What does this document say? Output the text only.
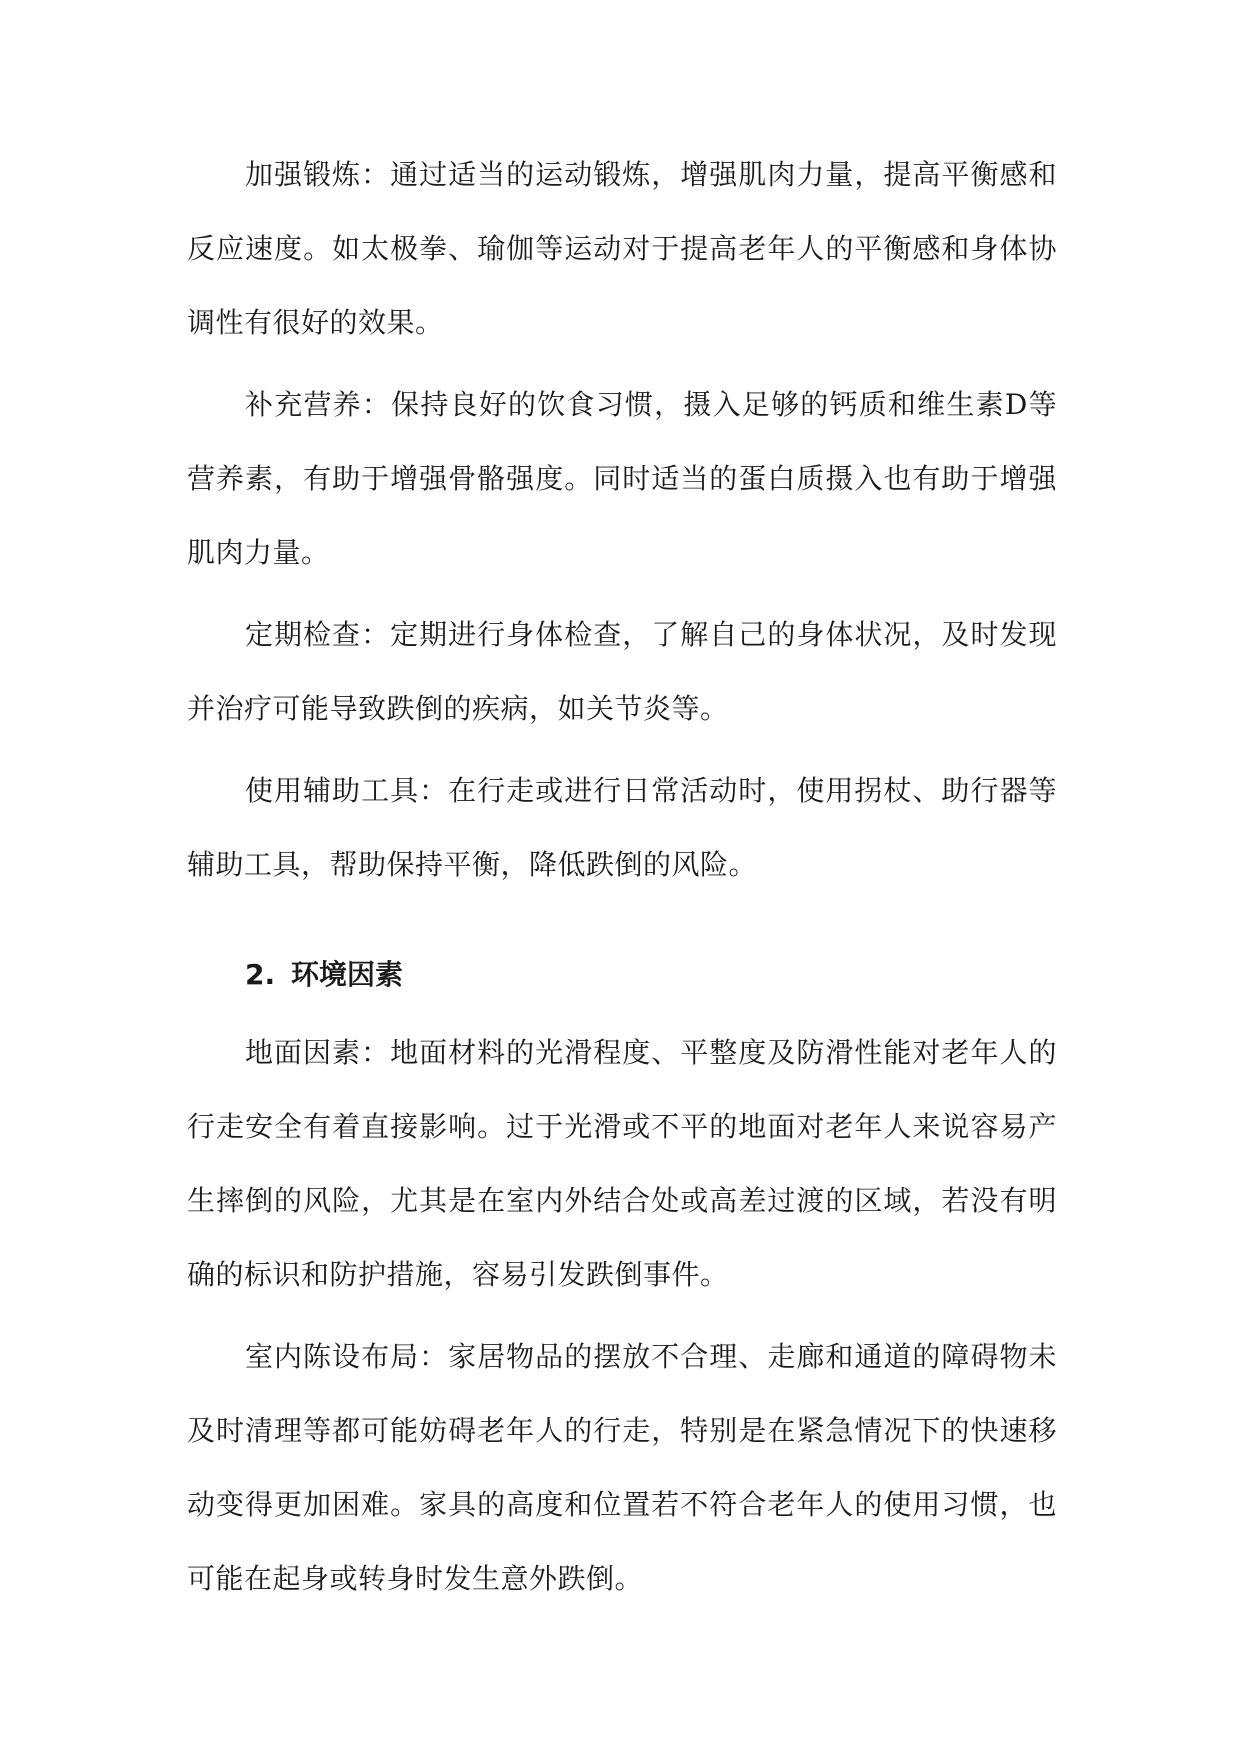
加强锻炼：通过适当的运动锻炼，增强肌肉力量，提高平衡感和反应速度。如太极拳、瑜伽等运动对于提高老年人的平衡感和身体协调性有很好的效果。

补充营养：保持良好的饮食习惯，摄入足够的钙质和维生素D等营养素，有助于增强骨骼强度。同时适当的蛋白质摄入也有助于增强肌肉力量。

定期检查：定期进行身体检查，了解自己的身体状况，及时发现并治疗可能导致跌倒的疾病，如关节炎等。

使用辅助工具：在行走或进行日常活动时，使用拐杖、助行器等辅助工具，帮助保持平衡，降低跌倒的风险。

2. 环境因素

地面因素：地面材料的光滑程度、平整度及防滑性能对老年人的行走安全有着直接影响。过于光滑或不平的地面对老年人来说容易产生摔倒的风险，尤其是在室内外结合处或高差过渡的区域，若没有明确的标识和防护措施，容易引发跌倒事件。

室内陈设布局：家居物品的摆放不合理、走廊和通道的障碍物未及时清理等都可能妨碍老年人的行走，特别是在紧急情况下的快速移动变得更加困难。家具的高度和位置若不符合老年人的使用习惯，也可能在起身或转身时发生意外跌倒。
